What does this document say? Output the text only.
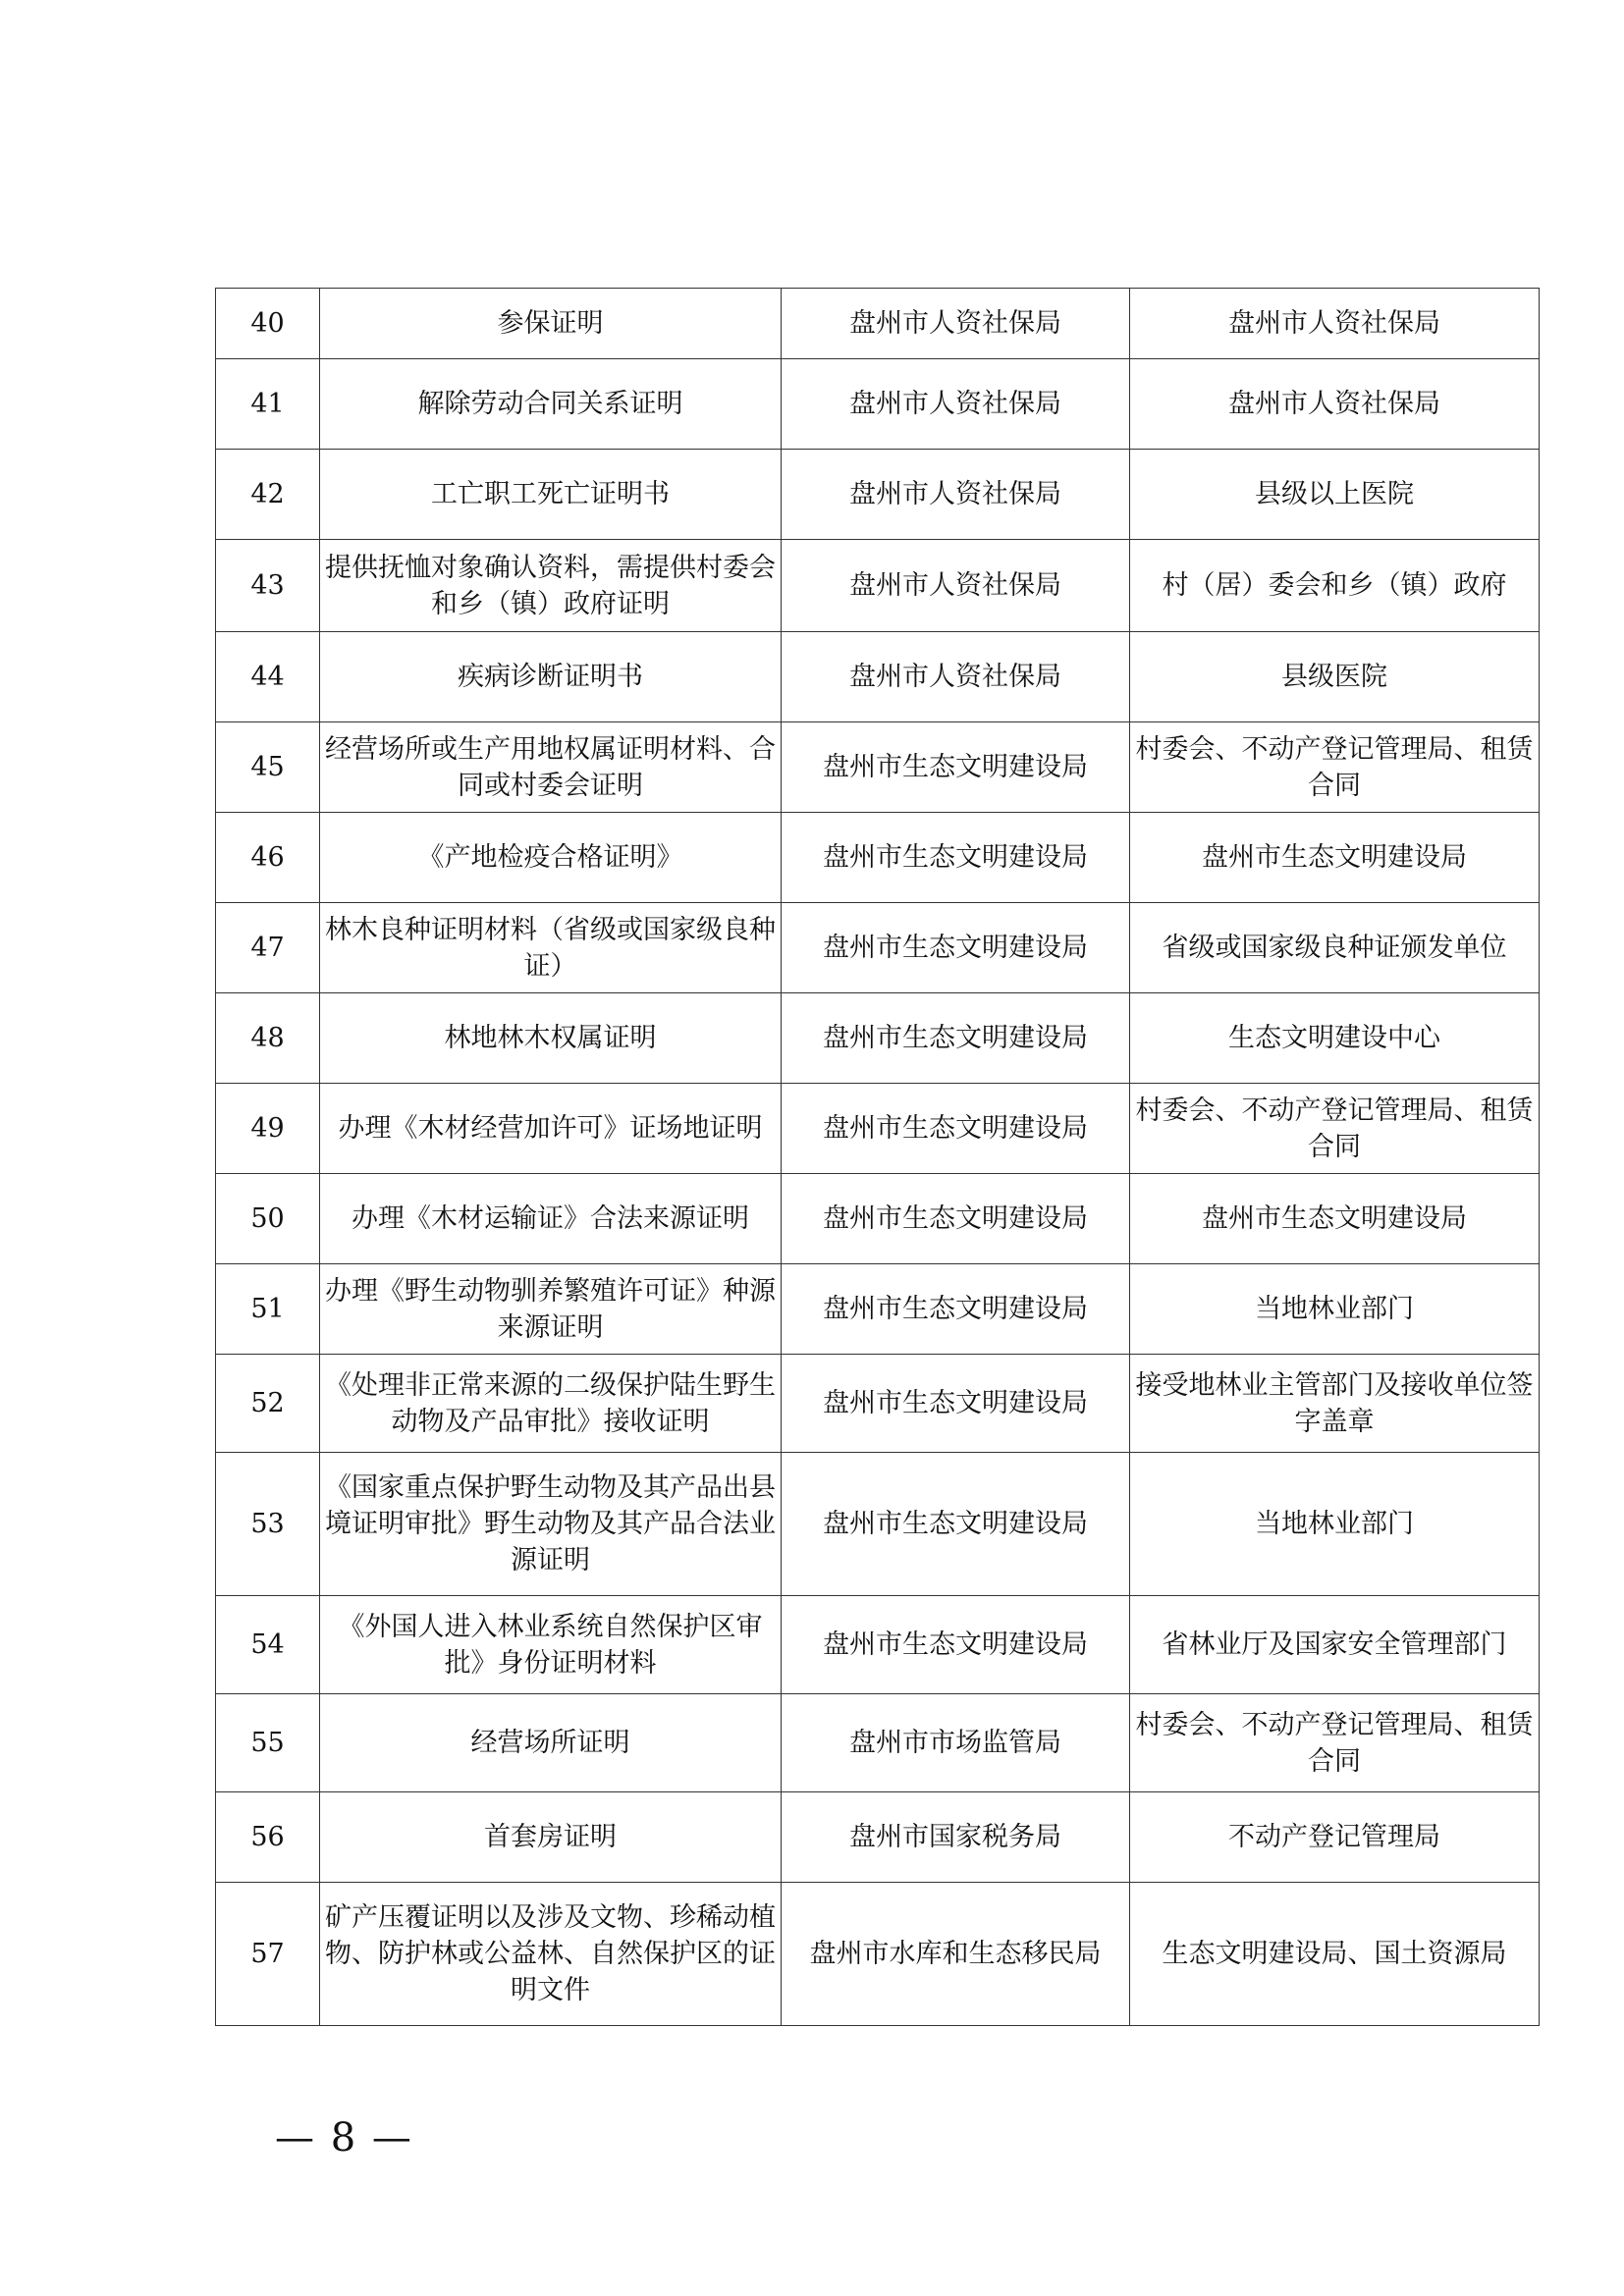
40	参保证明	盘州市人资社保局	盘州市人资社保局
41	解除劳动合同关系证明	盘州市人资社保局	盘州市人资社保局
42	工亡职工死亡证明书	盘州市人资社保局	县级以上医院
43	提供抚恤对象确认资料，需提供村委会和乡（镇）政府证明	盘州市人资社保局	村（居）委会和乡（镇）政府
44	疾病诊断证明书	盘州市人资社保局	县级医院
45	经营场所或生产用地权属证明材料、合同或村委会证明	盘州市生态文明建设局	村委会、不动产登记管理局、租赁合同
46	《产地检疫合格证明》	盘州市生态文明建设局	盘州市生态文明建设局
47	林木良种证明材料（省级或国家级良种证）	盘州市生态文明建设局	省级或国家级良种证颁发单位
48	林地林木权属证明	盘州市生态文明建设局	生态文明建设中心
49	办理《木材经营加许可》证场地证明	盘州市生态文明建设局	村委会、不动产登记管理局、租赁合同
50	办理《木材运输证》合法来源证明	盘州市生态文明建设局	盘州市生态文明建设局
51	办理《野生动物驯养繁殖许可证》种源来源证明	盘州市生态文明建设局	当地林业部门
52	《处理非正常来源的二级保护陆生野生动物及产品审批》接收证明	盘州市生态文明建设局	接受地林业主管部门及接收单位签字盖章
53	《国家重点保护野生动物及其产品出县境证明审批》野生动物及其产品合法业源证明	盘州市生态文明建设局	当地林业部门
54	《外国人进入林业系统自然保护区审批》身份证明材料	盘州市生态文明建设局	省林业厅及国家安全管理部门
55	经营场所证明	盘州市市场监管局	村委会、不动产登记管理局、租赁合同
56	首套房证明	盘州市国家税务局	不动产登记管理局
57	矿产压覆证明以及涉及文物、珍稀动植物、防护林或公益林、自然保护区的证明文件	盘州市水库和生态移民局	生态文明建设局、国土资源局
— 8 —
